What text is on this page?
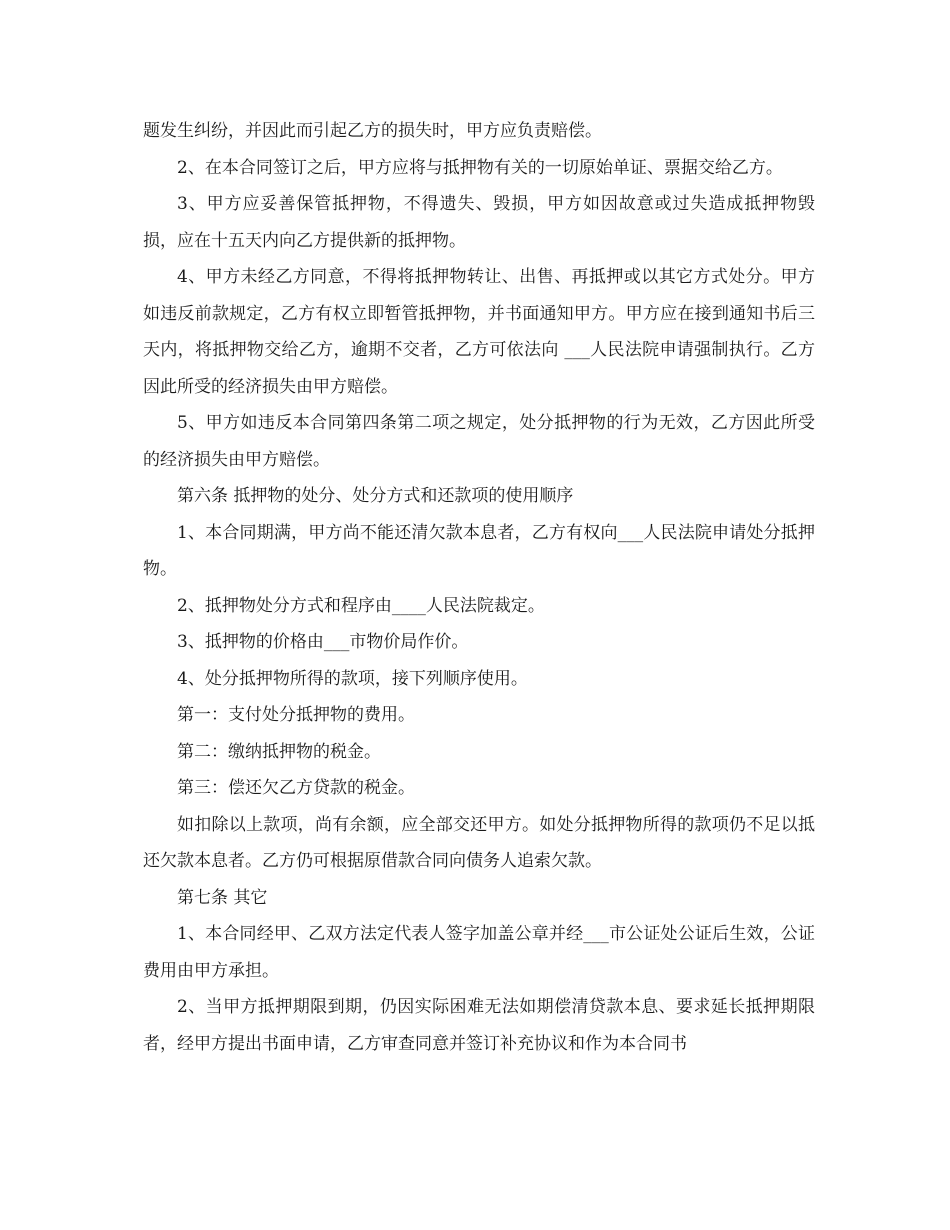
题发生纠纷，并因此而引起乙方的损失时，甲方应负责赔偿。

2、在本合同签订之后，甲方应将与抵押物有关的一切原始单证、票据交给乙方。

3、甲方应妥善保管抵押物，不得遗失、毁损，甲方如因故意或过失造成抵押物毁损，应在十五天内向乙方提供新的抵押物。

4、甲方未经乙方同意，不得将抵押物转让、出售、再抵押或以其它方式处分。甲方如违反前款规定，乙方有权立即暂管抵押物，并书面通知甲方。甲方应在接到通知书后三天内，将抵押物交给乙方，逾期不交者，乙方可依法向 ___人民法院申请强制执行。乙方因此所受的经济损失由甲方赔偿。

5、甲方如违反本合同第四条第二项之规定，处分抵押物的行为无效，乙方因此所受的经济损失由甲方赔偿。

第六条 抵押物的处分、处分方式和还款项的使用顺序

1、本合同期满，甲方尚不能还清欠款本息者，乙方有权向___人民法院申请处分抵押物。

2、抵押物处分方式和程序由____人民法院裁定。

3、抵押物的价格由___市物价局作价。

4、处分抵押物所得的款项，接下列顺序使用。

第一：支付处分抵押物的费用。

第二：缴纳抵押物的税金。

第三：偿还欠乙方贷款的税金。

如扣除以上款项，尚有余额，应全部交还甲方。如处分抵押物所得的款项仍不足以抵还欠款本息者。乙方仍可根据原借款合同向债务人追索欠款。

第七条 其它

1、本合同经甲、乙双方法定代表人签字加盖公章并经___市公证处公证后生效，公证费用由甲方承担。

2、当甲方抵押期限到期，仍因实际困难无法如期偿清贷款本息、要求延长抵押期限者，经甲方提出书面申请，乙方审查同意并签订补充协议和作为本合同书
